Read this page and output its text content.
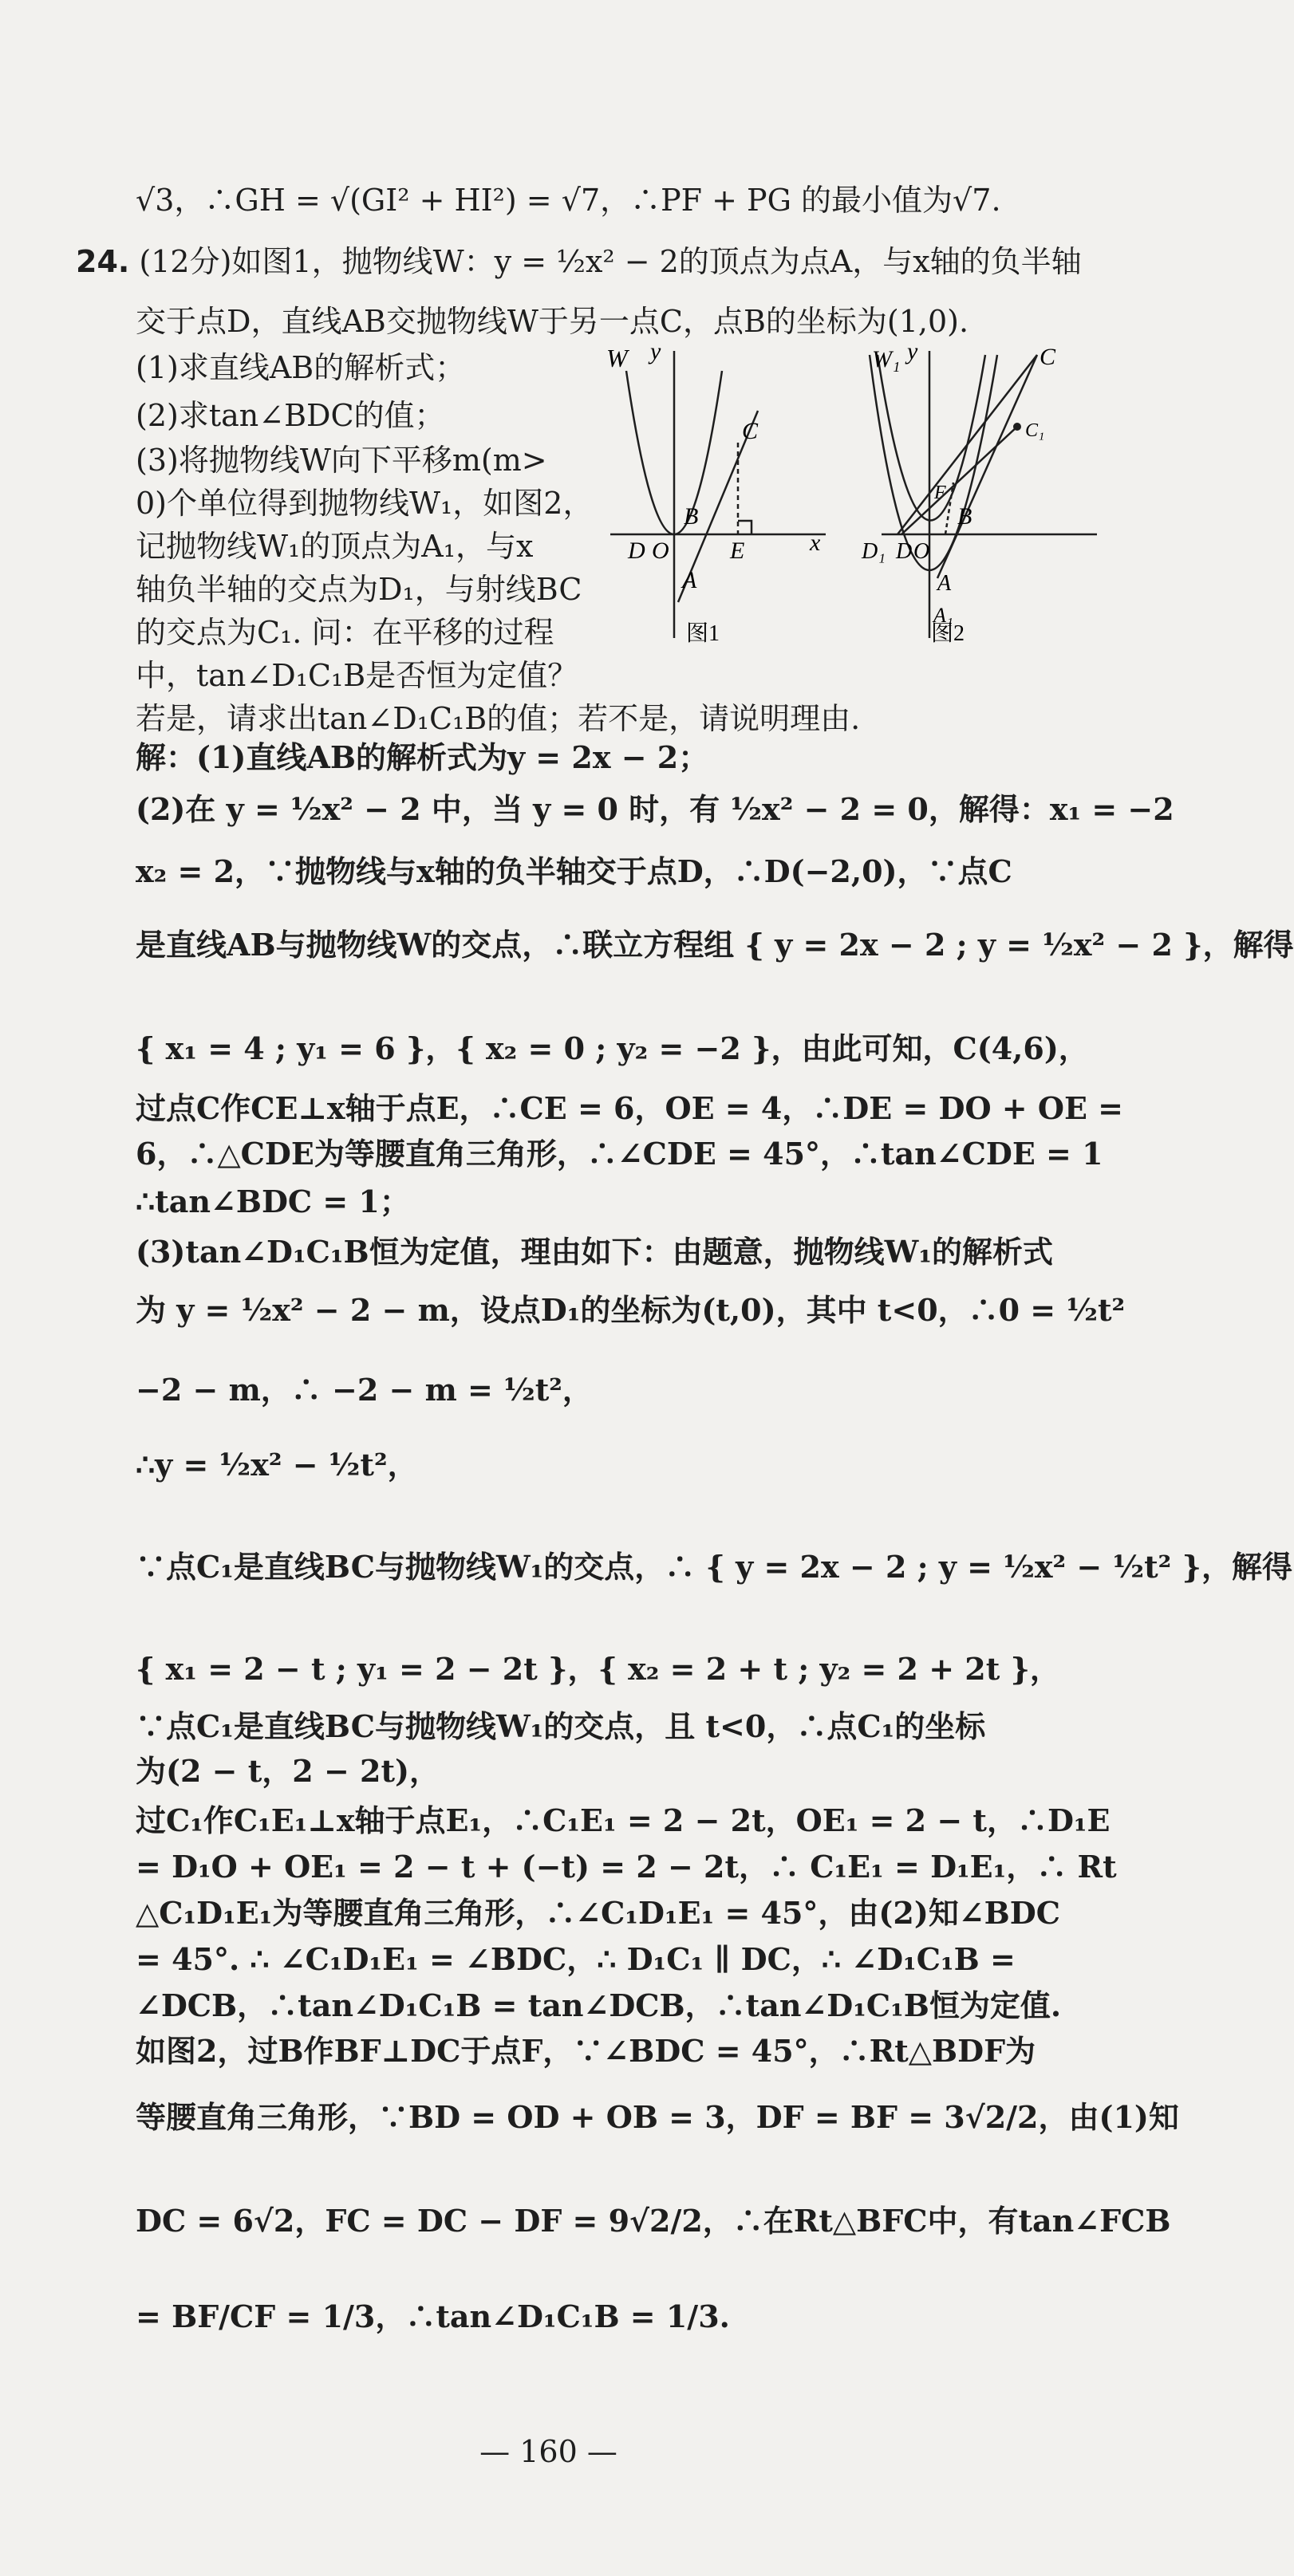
√3，∴GH = √(GI² + HI²) = √7，∴PF + PG 的最小值为√7.
24. (12分)如图1，抛物线W：y = ½x² − 2的顶点为点A，与x轴的负半轴
交于点D，直线AB交抛物线W于另一点C，点B的坐标为(1,0).
(1)求直线AB的解析式；
(2)求tan∠BDC的值；
(3)将抛物线W向下平移m(m>
0)个单位得到抛物线W₁，如图2，
记抛物线W₁的顶点为A₁，与x
轴负半轴的交点为D₁，与射线BC
的交点为C₁. 问：在平移的过程
中，tan∠D₁C₁B是否恒为定值？
若是，请求出tan∠D₁C₁B的值；若不是，请说明理由.
W y
x
C
B
D O	E
A
图1
W₁ y	C
F
B
D₁ D O
A
A₁
C₁
图2
解：(1)直线AB的解析式为y = 2x − 2；
(2)在 y = ½x² − 2 中，当 y = 0 时，有 ½x² − 2 = 0，解得：x₁ = −2
x₂ = 2，∵抛物线与x轴的负半轴交于点D，∴D(−2,0)，∵点C
是直线AB与抛物线W的交点，∴联立方程组 { y = 2x − 2 ; y = ½x² − 2 }，解得
{ x₁ = 4 ; y₁ = 6 }，{ x₂ = 0 ; y₂ = −2 }，由此可知，C(4,6)，
过点C作CE⊥x轴于点E，∴CE = 6，OE = 4，∴DE = DO + OE =
6，∴△CDE为等腰直角三角形，∴∠CDE = 45°，∴tan∠CDE = 1
∴tan∠BDC = 1；
(3)tan∠D₁C₁B恒为定值，理由如下：由题意，抛物线W₁的解析式
为 y = ½x² − 2 − m，设点D₁的坐标为(t,0)，其中 t<0，∴0 = ½t²
−2 − m，∴ −2 − m = ½t²，
∴y = ½x² − ½t²，
∵点C₁是直线BC与抛物线W₁的交点，∴ { y = 2x − 2 ; y = ½x² − ½t² }，解得
{ x₁ = 2 − t ; y₁ = 2 − 2t }，{ x₂ = 2 + t ; y₂ = 2 + 2t }，
∵点C₁是直线BC与抛物线W₁的交点，且 t<0，∴点C₁的坐标
为(2 − t，2 − 2t)，
过C₁作C₁E₁⊥x轴于点E₁，∴C₁E₁ = 2 − 2t，OE₁ = 2 − t，∴D₁E
= D₁O + OE₁ = 2 − t + (−t) = 2 − 2t，∴ C₁E₁ = D₁E₁，∴ Rt
△C₁D₁E₁为等腰直角三角形，∴∠C₁D₁E₁ = 45°，由(2)知∠BDC
= 45°. ∴ ∠C₁D₁E₁ = ∠BDC，∴ D₁C₁ ∥ DC，∴ ∠D₁C₁B =
∠DCB，∴tan∠D₁C₁B = tan∠DCB，∴tan∠D₁C₁B恒为定值.
如图2，过B作BF⊥DC于点F，∵∠BDC = 45°，∴Rt△BDF为
等腰直角三角形，∵BD = OD + OB = 3，DF = BF = 3√2/2，由(1)知
DC = 6√2，FC = DC − DF = 9√2/2，∴在Rt△BFC中，有tan∠FCB
= BF/CF = 1/3，∴tan∠D₁C₁B = 1/3.
— 160 —
